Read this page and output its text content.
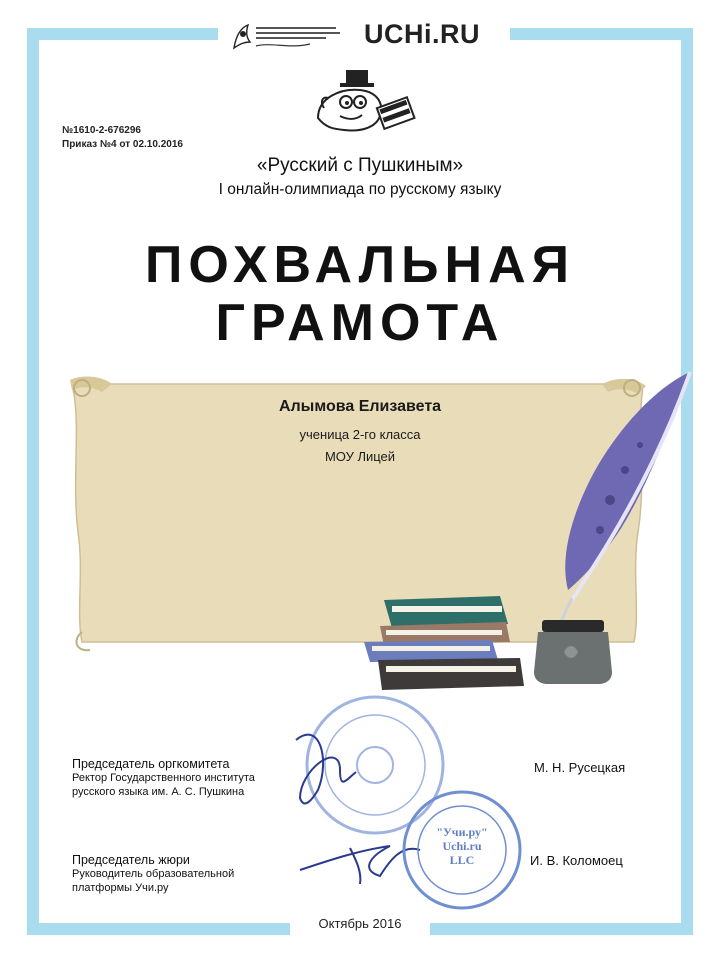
UCHi.RU
№1610-2-676296
Приказ №4 от 02.10.2016
«Русский с Пушкиным»
I онлайн-олимпиада по русскому языку
ПОХВАЛЬНАЯ
ГРАМОТА
Алымова Елизавета
ученица 2-го класса
МОУ Лицей
"Учи.ру"
Uchi.ru
LLC
Председатель оргкомитета
Ректор Государственного института
русского языка им. А. С. Пушкина
М. Н. Русецкая
Председатель жюри
Руководитель образовательной
платформы Учи.ру
И. В. Коломоец
Октябрь 2016
